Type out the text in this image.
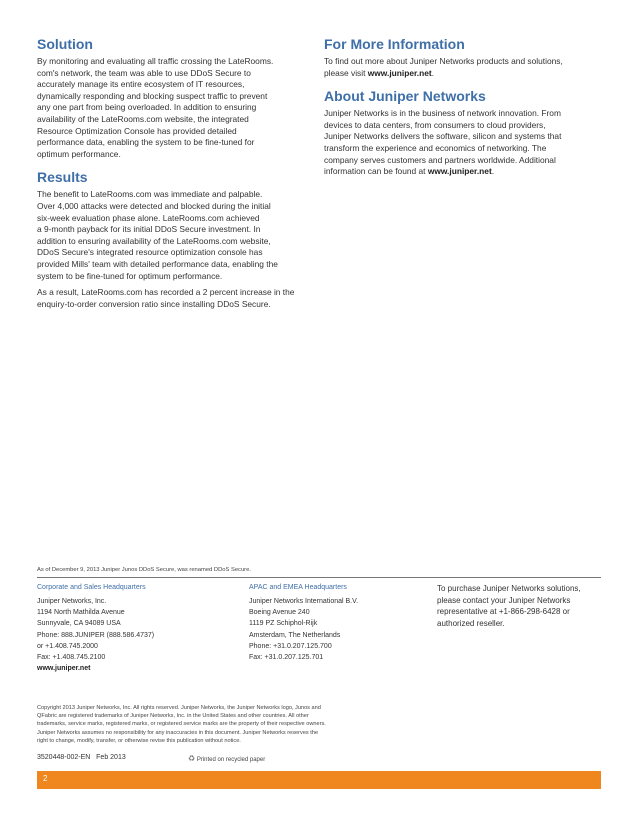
Solution

By monitoring and evaluating all traffic crossing the LateRooms.

com's network, the team was able to use DDoS Secure to

accurately manage its entire ecosystem of IT resources,

dynamically responding and blocking suspect traffic to prevent

any one part from being overloaded. In addition to ensuring

availability of the LateRooms.com website, the integrated

Resource Optimization Console has provided detailed

performance data, enabling the system to be fine-tuned for

optimum performance.

Results

The benefit to LateRooms.com was immediate and palpable.

Over 4,000 attacks were detected and blocked during the initial

six-week evaluation phase alone. LateRooms.com achieved

a 9-month payback for its initial DDoS Secure investment. In

addition to ensuring availability of the LateRooms.com website,

DDoS Secure's integrated resource optimization console has

provided Mills' team with detailed performance data, enabling the

system to be fine-tuned for optimum performance.

As a result, LateRooms.com has recorded a 2 percent increase in the

enquiry-to-order conversion ratio since installing DDoS Secure.

For More Information

To find out more about Juniper Networks products and solutions,

please visit www.juniper.net.

About Juniper Networks

Juniper Networks is in the business of network innovation. From

devices to data centers, from consumers to cloud providers,

Juniper Networks delivers the software, silicon and systems that

transform the experience and economics of networking. The

company serves customers and partners worldwide. Additional

information can be found at www.juniper.net.

As of December 9, 2013 Juniper Junos DDoS Secure, was renamed DDoS Secure.

Corporate and Sales Headquarters

Juniper Networks, Inc.

1194 North Mathilda Avenue

Sunnyvale, CA 94089 USA

Phone: 888.JUNIPER (888.586.4737)

or +1.408.745.2000

Fax: +1.408.745.2100

www.juniper.net

APAC and EMEA Headquarters

Juniper Networks International B.V.

Boeing Avenue 240

1119 PZ Schiphol-Rijk

Amsterdam, The Netherlands

Phone: +31.0.207.125.700

Fax: +31.0.207.125.701

To purchase Juniper Networks solutions,

please contact your Juniper Networks

representative at +1-866-298-6428 or

authorized reseller.

Copyright 2013 Juniper Networks, Inc. All rights reserved. Juniper Networks, the Juniper Networks logo, Junos and

QFabric are registered trademarks of Juniper Networks, Inc. in the United States and other countries. All other

trademarks, service marks, registered marks, or registered service marks are the property of their respective owners.

Juniper Networks assumes no responsibility for any inaccuracies in this document. Juniper Networks reserves the

right to change, modify, transfer, or otherwise revise this publication without notice.

3520448-002-EN   Feb 2013	♻ Printed on recycled paper
2
